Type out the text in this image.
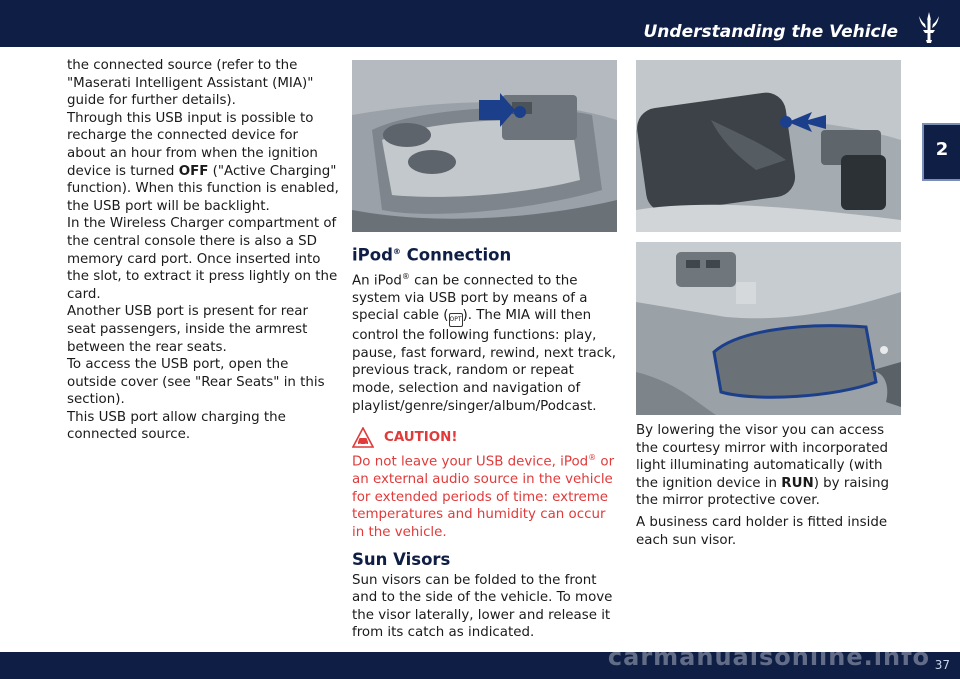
Understanding the Vehicle
2

the connected source (refer to the "Maserati Intelligent Assistant (MIA)" guide for further details).

Through this USB input is possible to recharge the connected device for about an hour from when the ignition device is turned OFF ("Active Charging" function). When this function is enabled, the USB port will be backlight.

In the Wireless Charger compartment of the central console there is also a SD memory card port. Once inserted into the slot, to extract it press lightly on the card.

Another USB port is present for rear seat passengers, inside the armrest between the rear seats.

To access the USB port, open the outside cover (see "Rear Seats" in this section).

This USB port allow charging the connected source.

iPod® Connection

An iPod® can be connected to the system via USB port by means of a special cable (OPT). The MIA will then control the following functions: play, pause, fast forward, rewind, next track, previous track, random or repeat mode, selection and navigation of playlist/genre/singer/album/Podcast.

CAUTION!

Do not leave your USB device, iPod® or an external audio source in the vehicle for extended periods of time: extreme temperatures and humidity can occur in the vehicle.

Sun Visors

Sun visors can be folded to the front and to the side of the vehicle. To move the visor laterally, lower and release it from its catch as indicated.

By lowering the visor you can access the courtesy mirror with incorporated light illuminating automatically (with the ignition device in RUN) by raising the mirror protective cover.

A business card holder is fitted inside each sun visor.

37
carmanualsonline.info
